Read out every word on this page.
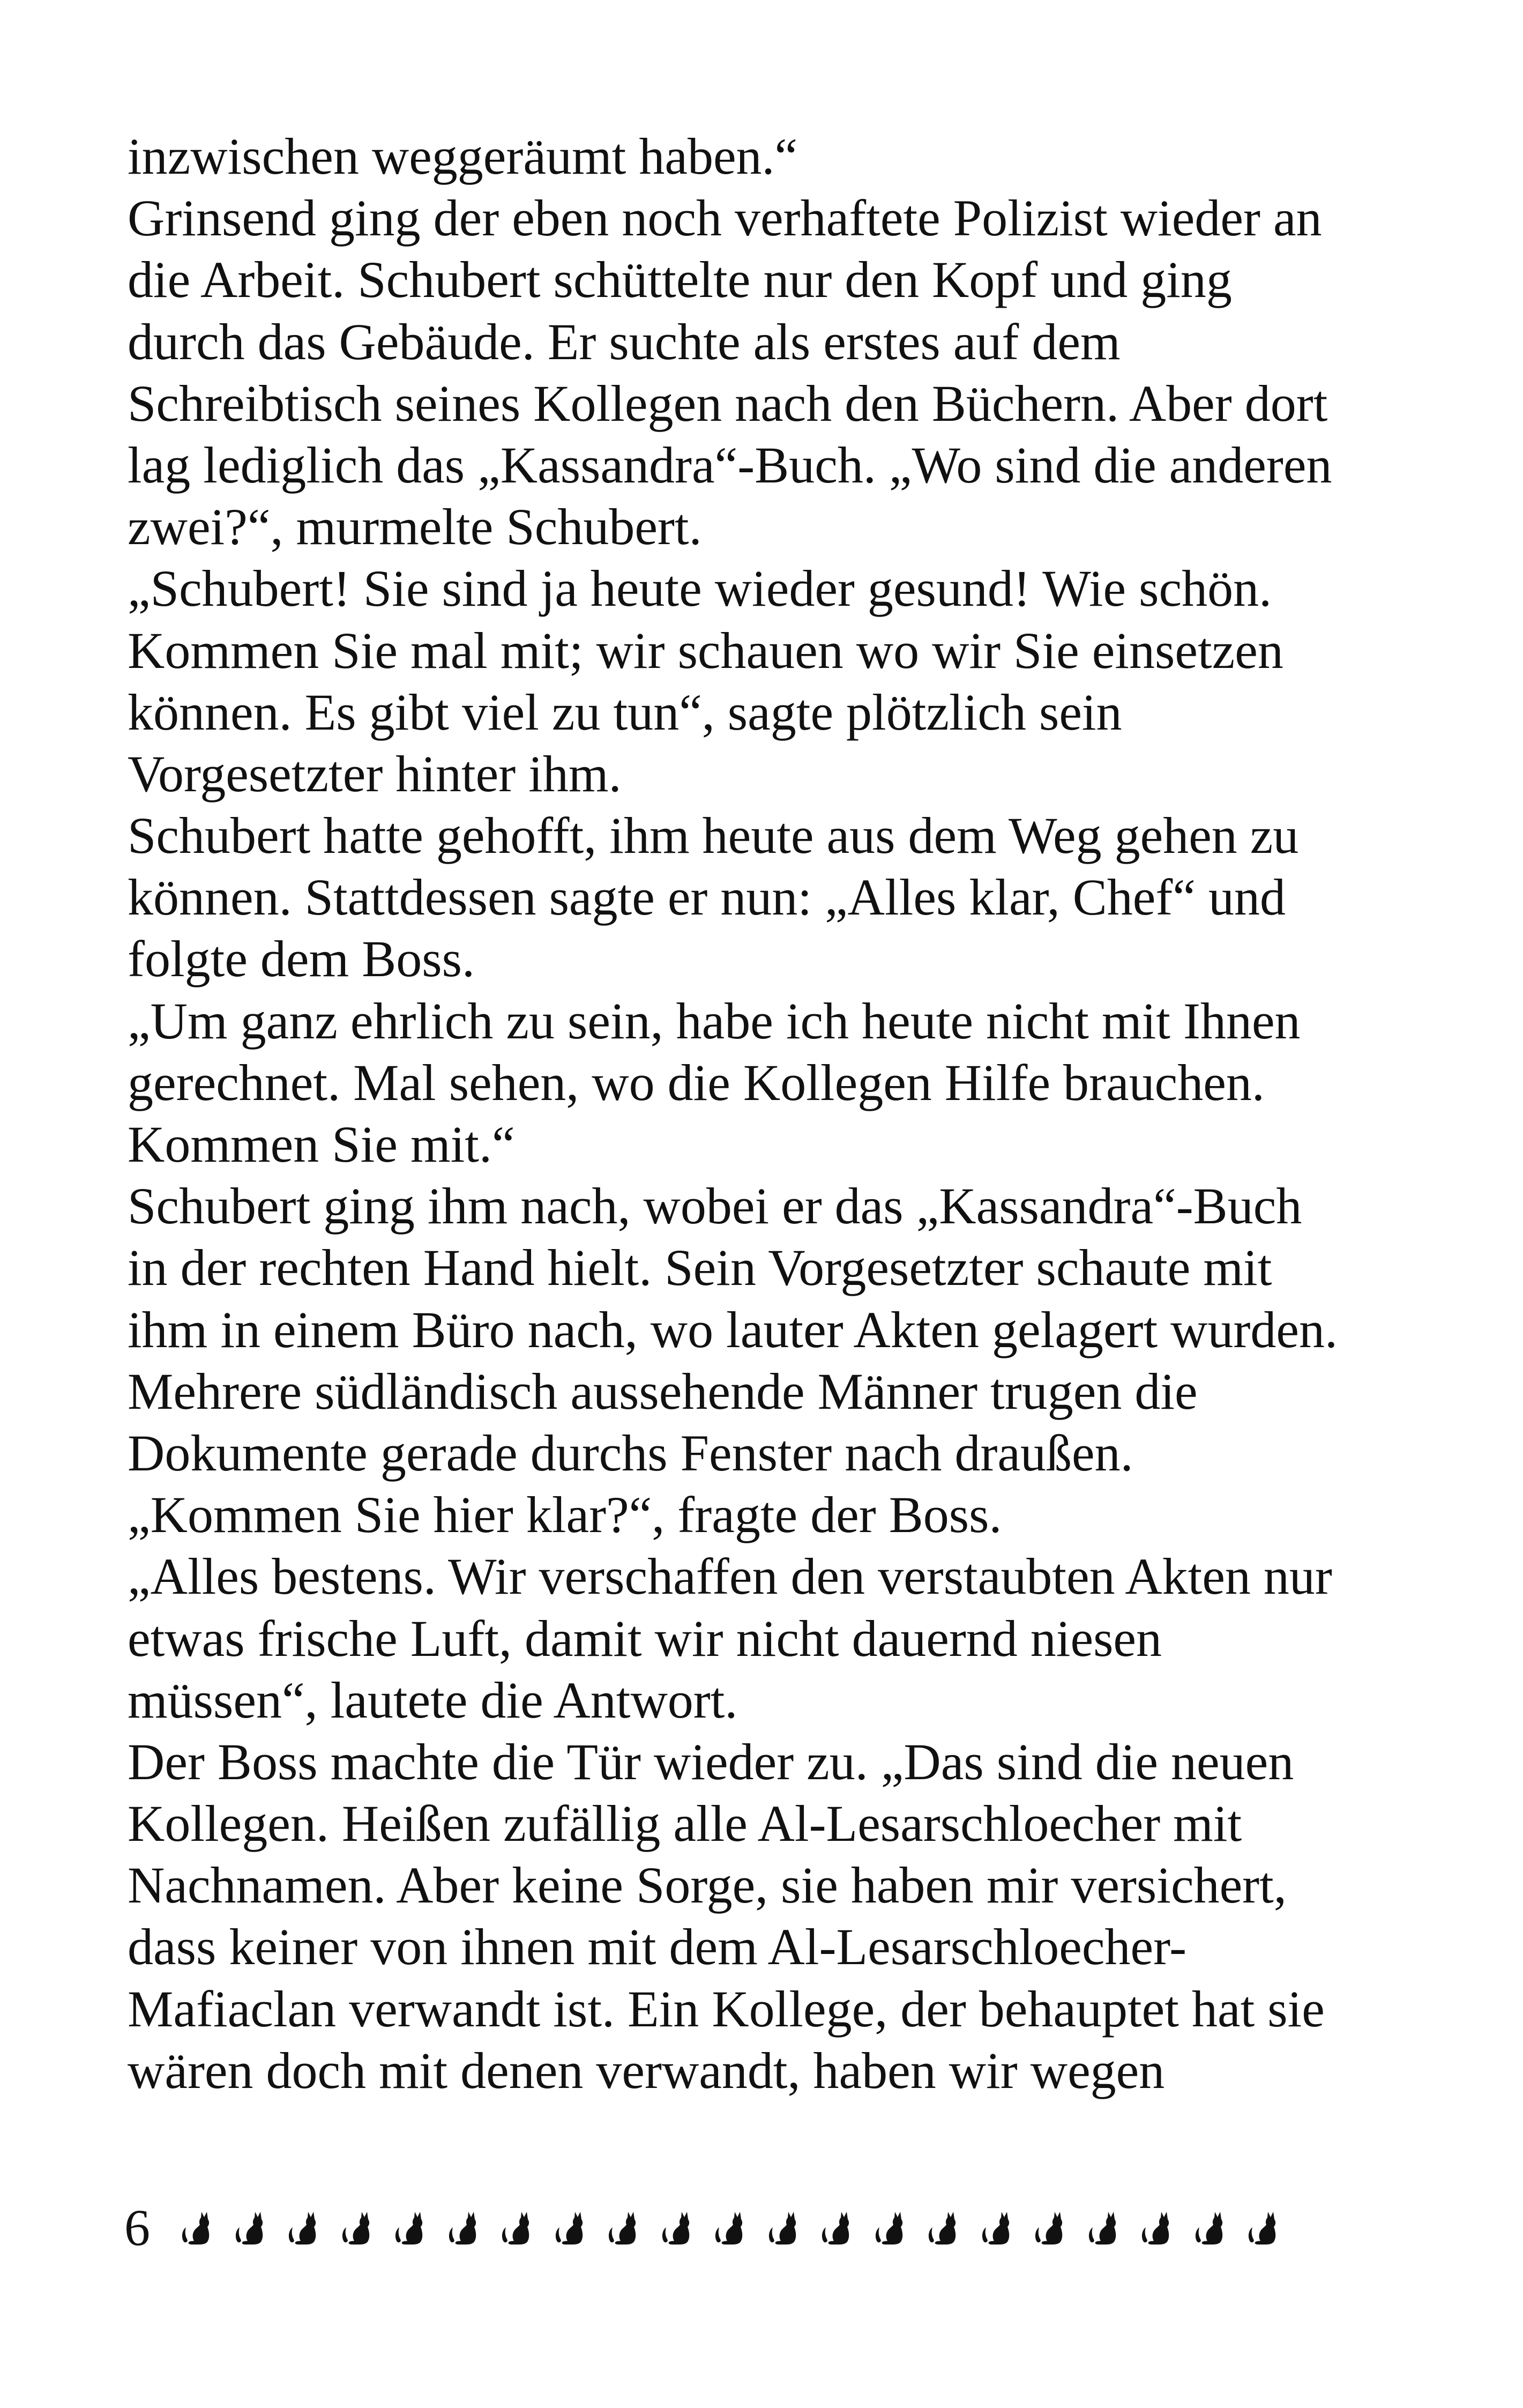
inzwischen weggeräumt haben.“
Grinsend ging der eben noch verhaftete Polizist wieder an
die Arbeit. Schubert schüttelte nur den Kopf und ging
durch das Gebäude. Er suchte als erstes auf dem
Schreibtisch seines Kollegen nach den Büchern. Aber dort
lag lediglich das „Kassandra“-Buch. „Wo sind die anderen
zwei?“, murmelte Schubert.
„Schubert! Sie sind ja heute wieder gesund! Wie schön.
Kommen Sie mal mit; wir schauen wo wir Sie einsetzen
können. Es gibt viel zu tun“, sagte plötzlich sein
Vorgesetzter hinter ihm.
Schubert hatte gehofft, ihm heute aus dem Weg gehen zu
können. Stattdessen sagte er nun: „Alles klar, Chef“ und
folgte dem Boss.
„Um ganz ehrlich zu sein, habe ich heute nicht mit Ihnen
gerechnet. Mal sehen, wo die Kollegen Hilfe brauchen.
Kommen Sie mit.“
Schubert ging ihm nach, wobei er das „Kassandra“-Buch
in der rechten Hand hielt. Sein Vorgesetzter schaute mit
ihm in einem Büro nach, wo lauter Akten gelagert wurden.
Mehrere südländisch aussehende Männer trugen die
Dokumente gerade durchs Fenster nach draußen.
„Kommen Sie hier klar?“, fragte der Boss.
„Alles bestens. Wir verschaffen den verstaubten Akten nur
etwas frische Luft, damit wir nicht dauernd niesen
müssen“, lautete die Antwort.
Der Boss machte die Tür wieder zu. „Das sind die neuen
Kollegen. Heißen zufällig alle Al-Lesarschloecher mit
Nachnamen. Aber keine Sorge, sie haben mir versichert,
dass keiner von ihnen mit dem Al-Lesarschloecher-
Mafiaclan verwandt ist. Ein Kollege, der behauptet hat sie
wären doch mit denen verwandt, haben wir wegen
6
